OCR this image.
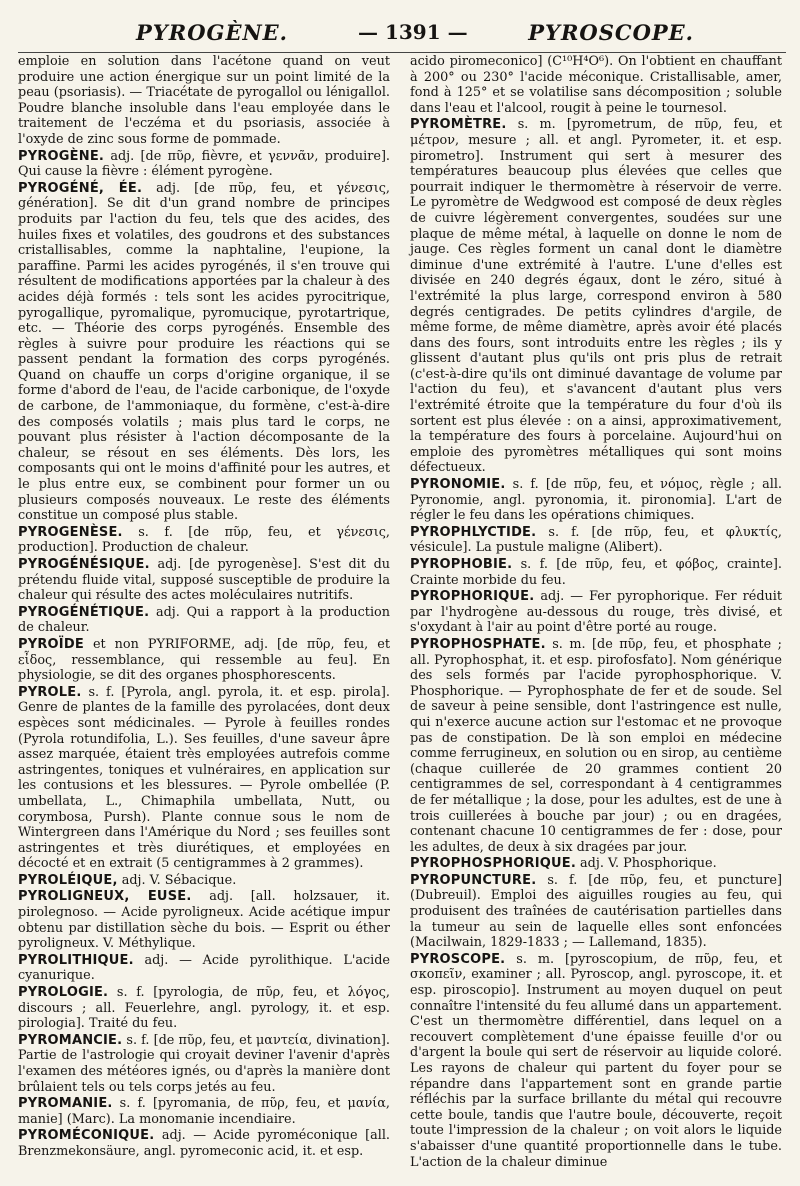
PYROGÈNE.	— 1391 —	PYROSCOPE.

emploie en solution dans l'acétone quand on veut produire une action énergique sur un point limité de la peau (psoriasis). — Triacétate de pyrogallol ou lénigallol. Poudre blanche insoluble dans l'eau employée dans le traitement de l'eczéma et du psoriasis, associée à l'oxyde de zinc sous forme de pommade.

PYROGÈNE. adj. [de πῦρ, fièvre, et γεννᾶν, produire]. Qui cause la fièvre : élément pyrogène.

PYROGÉNÉ, ÉE. adj. [de πῦρ, feu, et γένεσις, génération]. Se dit d'un grand nombre de principes produits par l'action du feu, tels que des acides, des huiles fixes et volatiles, des goudrons et des substances cristallisables, comme la naphtaline, l'eupione, la paraffine. Parmi les acides pyrogénés, il s'en trouve qui résultent de modifications apportées par la chaleur à des acides déjà formés : tels sont les acides pyrocitrique, pyrogallique, pyromalique, pyromucique, pyrotartrique, etc. — Théorie des corps pyrogénés. Ensemble des règles à suivre pour produire les réactions qui se passent pendant la formation des corps pyrogénés. Quand on chauffe un corps d'origine organique, il se forme d'abord de l'eau, de l'acide carbonique, de l'oxyde de carbone, de l'ammoniaque, du formène, c'est-à-dire des composés volatils ; mais plus tard le corps, ne pouvant plus résister à l'action décomposante de la chaleur, se résout en ses éléments. Dès lors, les composants qui ont le moins d'affinité pour les autres, et le plus entre eux, se combinent pour former un ou plusieurs composés nouveaux. Le reste des éléments constitue un composé plus stable.

PYROGENÈSE. s. f. [de πῦρ, feu, et γένεσις, production]. Production de chaleur.

PYROGÉNÉSIQUE. adj. [de pyrogenèse]. S'est dit du prétendu fluide vital, supposé susceptible de produire la chaleur qui résulte des actes moléculaires nutritifs.

PYROGÉNÉTIQUE. adj. Qui a rapport à la production de chaleur.

PYROÏDE et non PYRIFORME, adj. [de πῦρ, feu, et εἶδος, ressemblance, qui ressemble au feu]. En physiologie, se dit des organes phosphorescents.

PYROLE. s. f. [Pyrola, angl. pyrola, it. et esp. pirola]. Genre de plantes de la famille des pyrolacées, dont deux espèces sont médicinales. — Pyrole à feuilles rondes (Pyrola rotundifolia, L.). Ses feuilles, d'une saveur âpre assez marquée, étaient très employées autrefois comme astringentes, toniques et vulnéraires, en application sur les contusions et les blessures. — Pyrole ombellée (P. umbellata, L., Chimaphila umbellata, Nutt, ou corymbosa, Pursh). Plante connue sous le nom de Wintergreen dans l'Amérique du Nord ; ses feuilles sont astringentes et très diurétiques, et employées en décocté et en extrait (5 centigrammes à 2 grammes).

PYROLÉIQUE, adj. V. Sébacique.

PYROLIGNEUX, EUSE. adj. [all. holzsauer, it. pirolegnoso. — Acide pyroligneux. Acide acétique impur obtenu par distillation sèche du bois. — Esprit ou éther pyroligneux. V. Méthylique.

PYROLITHIQUE. adj. — Acide pyrolithique. L'acide cyanurique.

PYROLOGIE. s. f. [pyrologia, de πῦρ, feu, et λόγος, discours ; all. Feuerlehre, angl. pyrology, it. et esp. pirologia]. Traité du feu.

PYROMANCIE. s. f. [de πῦρ, feu, et μαντεία, divination]. Partie de l'astrologie qui croyait deviner l'avenir d'après l'examen des météores ignés, ou d'après la manière dont brûlaient tels ou tels corps jetés au feu.

PYROMANIE. s. f. [pyromania, de πῦρ, feu, et μανία, manie] (Marc). La monomanie incendiaire.

PYROMÉCONIQUE. adj. — Acide pyroméconique [all. Brenzmekonsäure, angl. pyromeconic acid, it. et esp.

acido piromeconico] (C¹⁰H⁴O⁶). On l'obtient en chauffant à 200° ou 230° l'acide méconique. Cristallisable, amer, fond à 125° et se volatilise sans décomposition ; soluble dans l'eau et l'alcool, rougit à peine le tournesol.

PYROMÈTRE. s. m. [pyrometrum, de πῦρ, feu, et μέτρον, mesure ; all. et angl. Pyrometer, it. et esp. pirometro]. Instrument qui sert à mesurer des températures beaucoup plus élevées que celles que pourrait indiquer le thermomètre à réservoir de verre. Le pyromètre de Wedgwood est composé de deux règles de cuivre légèrement convergentes, soudées sur une plaque de même métal, à laquelle on donne le nom de jauge. Ces règles forment un canal dont le diamètre diminue d'une extrémité à l'autre. L'une d'elles est divisée en 240 degrés égaux, dont le zéro, situé à l'extrémité la plus large, correspond environ à 580 degrés centigrades. De petits cylindres d'argile, de même forme, de même diamètre, après avoir été placés dans des fours, sont introduits entre les règles ; ils y glissent d'autant plus qu'ils ont pris plus de retrait (c'est-à-dire qu'ils ont diminué davantage de volume par l'action du feu), et s'avancent d'autant plus vers l'extrémité étroite que la température du four d'où ils sortent est plus élevée : on a ainsi, approximativement, la température des fours à porcelaine. Aujourd'hui on emploie des pyromètres métalliques qui sont moins défectueux.

PYRONOMIE. s. f. [de πῦρ, feu, et νόμος, règle ; all. Pyronomie, angl. pyronomia, it. pironomia]. L'art de régler le feu dans les opérations chimiques.

PYROPHLYCTIDE. s. f. [de πῦρ, feu, et φλυκτίς, vésicule]. La pustule maligne (Alibert).

PYROPHOBIE. s. f. [de πῦρ, feu, et φόβος, crainte]. Crainte morbide du feu.

PYROPHORIQUE. adj. — Fer pyrophorique. Fer réduit par l'hydrogène au-dessous du rouge, très divisé, et s'oxydant à l'air au point d'être porté au rouge.

PYROPHOSPHATE. s. m. [de πῦρ, feu, et phosphate ; all. Pyrophosphat, it. et esp. pirofosfato]. Nom générique des sels formés par l'acide pyrophosphorique. V. Phosphorique. — Pyrophosphate de fer et de soude. Sel de saveur à peine sensible, dont l'astringence est nulle, qui n'exerce aucune action sur l'estomac et ne provoque pas de constipation. De là son emploi en médecine comme ferrugineux, en solution ou en sirop, au centième (chaque cuillerée de 20 grammes contient 20 centigrammes de sel, correspondant à 4 centigrammes de fer métallique ; la dose, pour les adultes, est de une à trois cuillerées à bouche par jour) ; ou en dragées, contenant chacune 10 centigrammes de fer : dose, pour les adultes, de deux à six dragées par jour.

PYROPHOSPHORIQUE. adj. V. Phosphorique.

PYROPUNCTURE. s. f. [de πῦρ, feu, et puncture] (Dubreuil). Emploi des aiguilles rougies au feu, qui produisent des traînées de cautérisation partielles dans la tumeur au sein de laquelle elles sont enfoncées (Macilwain, 1829-1833 ; — Lallemand, 1835).

PYROSCOPE. s. m. [pyroscopium, de πῦρ, feu, et σκοπεῖν, examiner ; all. Pyroscop, angl. pyroscope, it. et esp. piroscopio]. Instrument au moyen duquel on peut connaître l'intensité du feu allumé dans un appartement. C'est un thermomètre différentiel, dans lequel on a recouvert complètement d'une épaisse feuille d'or ou d'argent la boule qui sert de réservoir au liquide coloré. Les rayons de chaleur qui partent du foyer pour se répandre dans l'appartement sont en grande partie réfléchis par la surface brillante du métal qui recouvre cette boule, tandis que l'autre boule, découverte, reçoit toute l'impression de la chaleur ; on voit alors le liquide s'abaisser d'une quantité proportionnelle dans le tube. L'action de la chaleur diminue
